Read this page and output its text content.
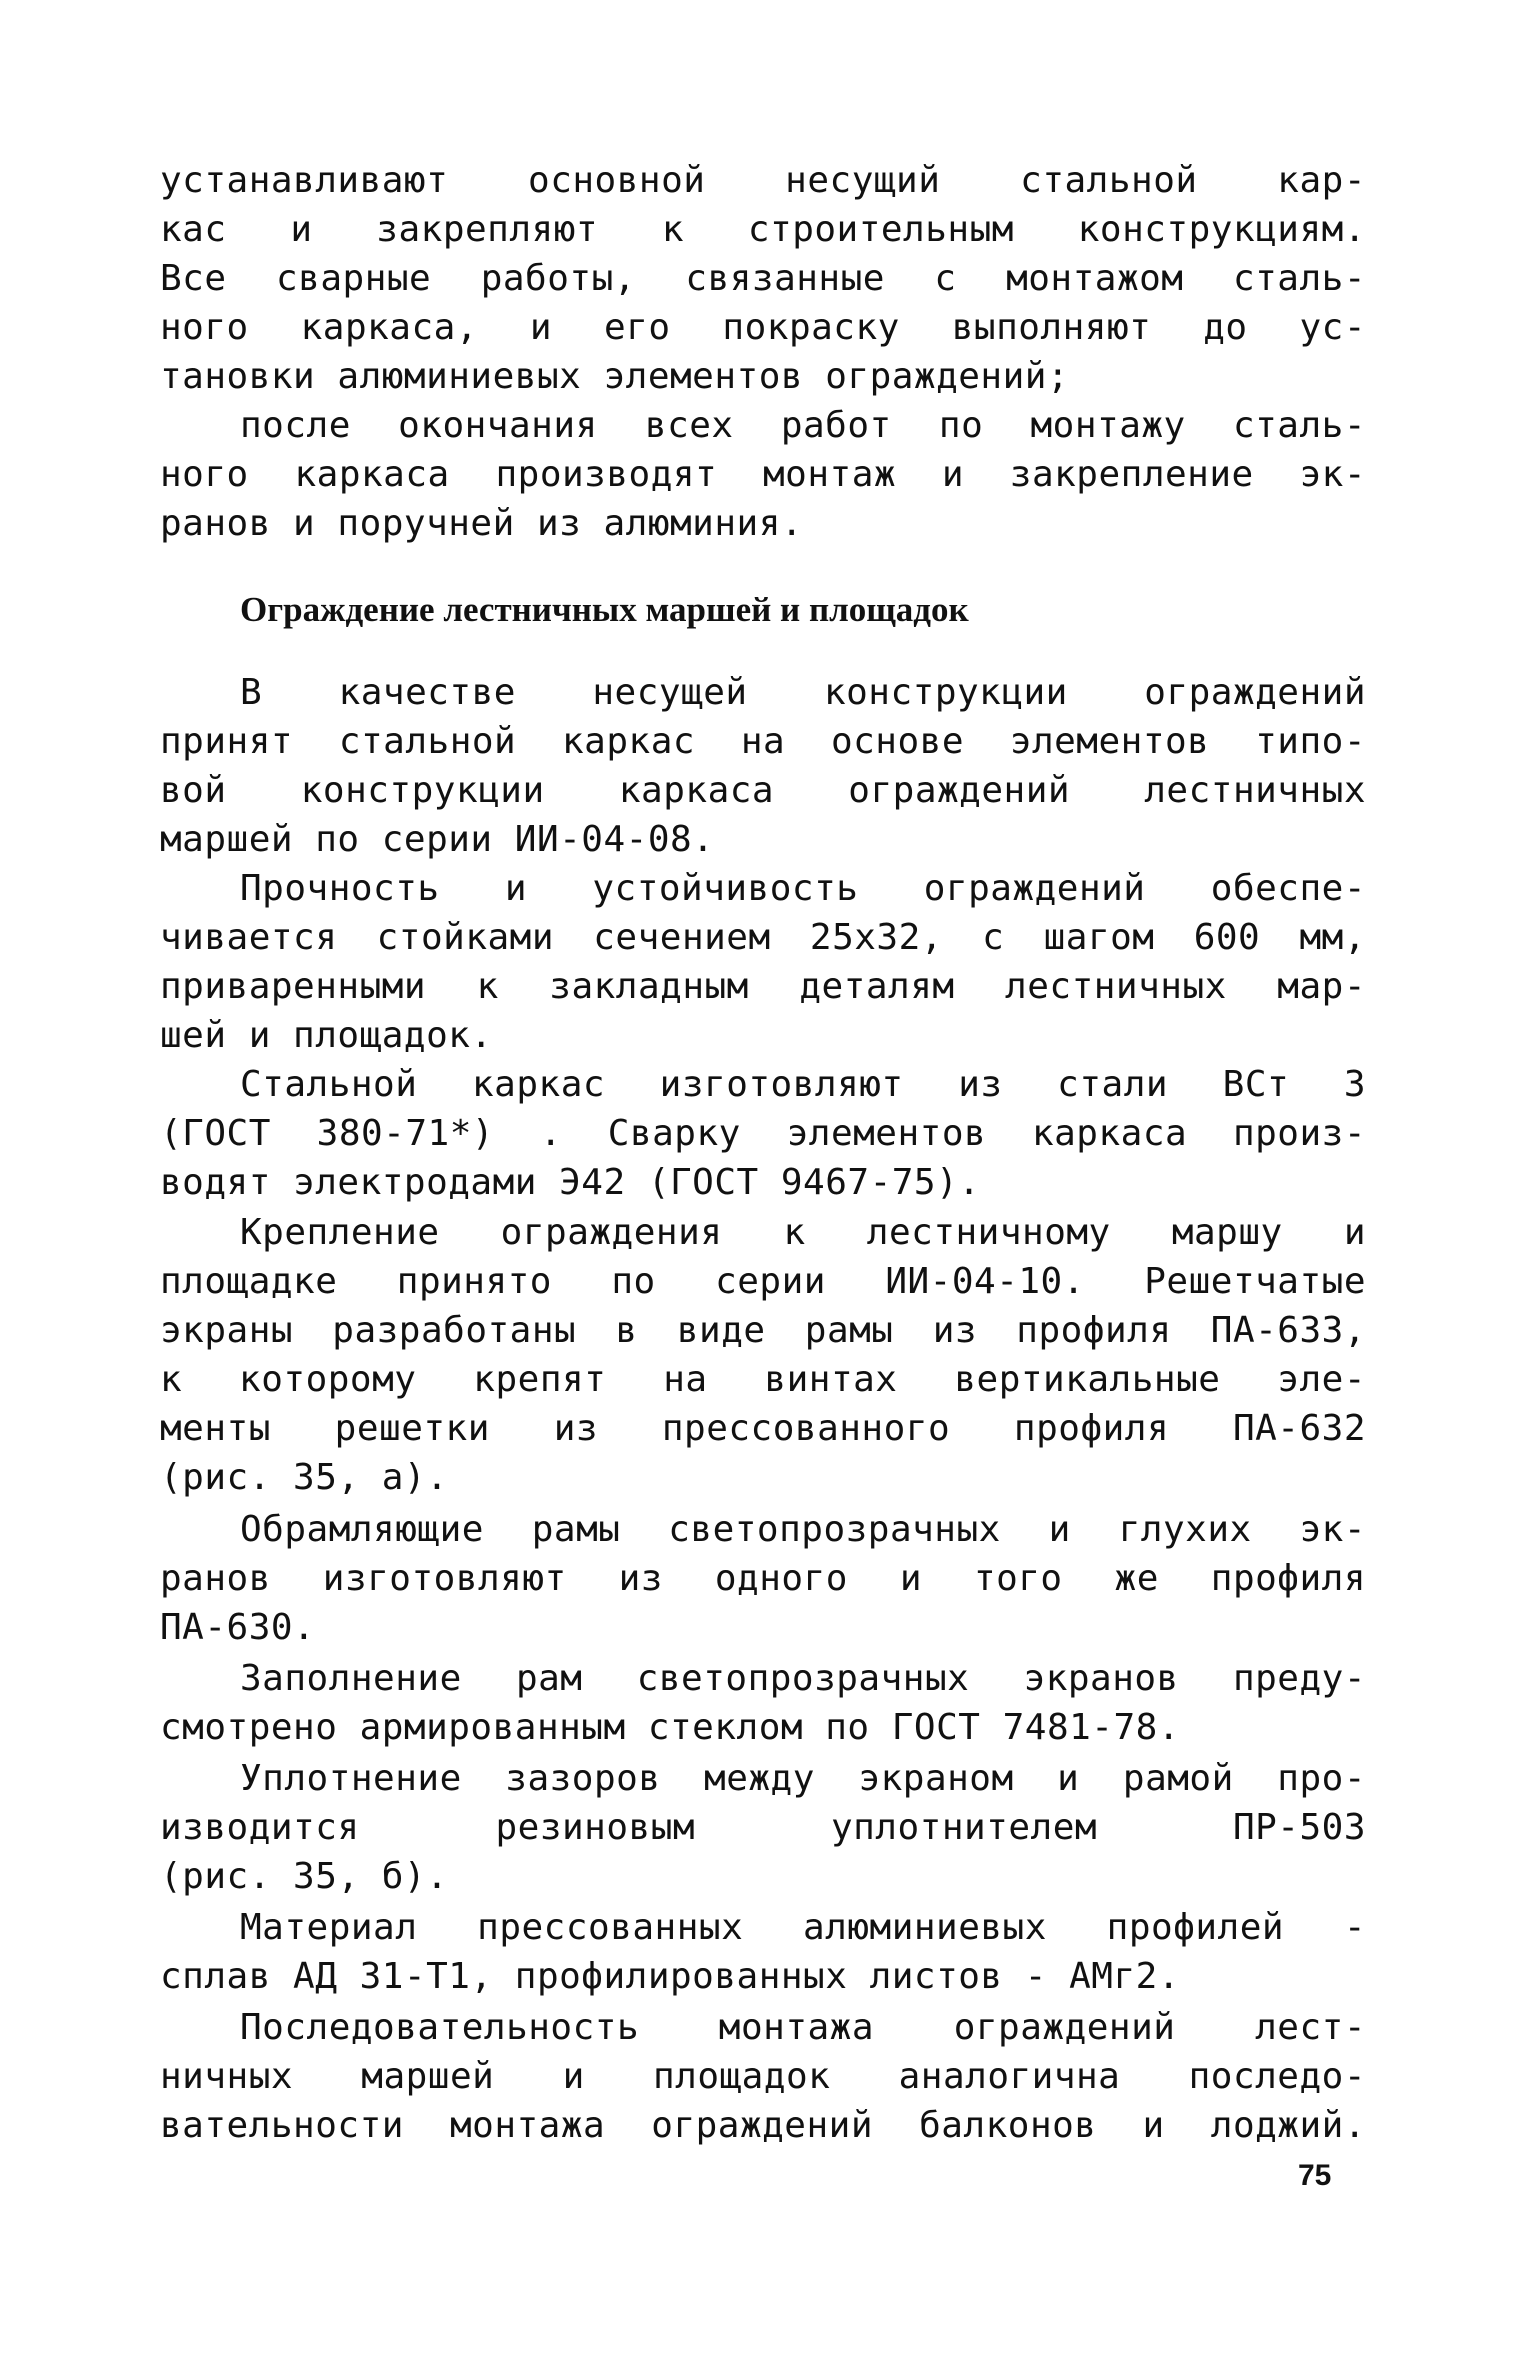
устанавливают основной несущий стальной кар-
кас и закрепляют к строительным конструкциям.
Все сварные работы, связанные с монтажом сталь-
ного каркаса, и его покраску выполняют до ус-
тановки алюминиевых элементов ограждений;
после окончания всех работ по монтажу сталь-
ного каркаса производят монтаж и закрепление эк-
ранов и поручней из алюминия.
Ограждение лестничных маршей и площадок
В качестве несущей конструкции ограждений
принят стальной каркас на основе элементов типо-
вой конструкции каркаса ограждений лестничных
маршей по серии ИИ-04-08.
Прочность и устойчивость ограждений обеспе-
чивается стойками сечением 25x32, с шагом 600 мм,
приваренными к закладным деталям лестничных мар-
шей и площадок.
Стальной каркас изготовляют из стали ВСт 3
(ГОСТ 380-71*) . Сварку элементов каркаса произ-
водят электродами Э42 (ГОСТ 9467-75).
Крепление ограждения к лестничному маршу и
площадке принято по серии ИИ-04-10. Решетчатые
экраны разработаны в виде рамы из профиля ПА-633,
к которому крепят на винтах вертикальные эле-
менты решетки из прессованного профиля ПА-632
(рис. 35, а).
Обрамляющие рамы светопрозрачных и глухих эк-
ранов изготовляют из одного и того же профиля
ПА-630.
Заполнение рам светопрозрачных экранов преду-
смотрено армированным стеклом по ГОСТ 7481-78.
Уплотнение зазоров между экраном и рамой про-
изводится резиновым уплотнителем ПР-503
(рис. 35, б).
Материал прессованных алюминиевых профилей -
сплав АД 31-Т1, профилированных листов - АМг2.
Последовательность монтажа ограждений лест-
ничных маршей и площадок аналогична последо-
вательности монтажа ограждений балконов и лоджий.
75
